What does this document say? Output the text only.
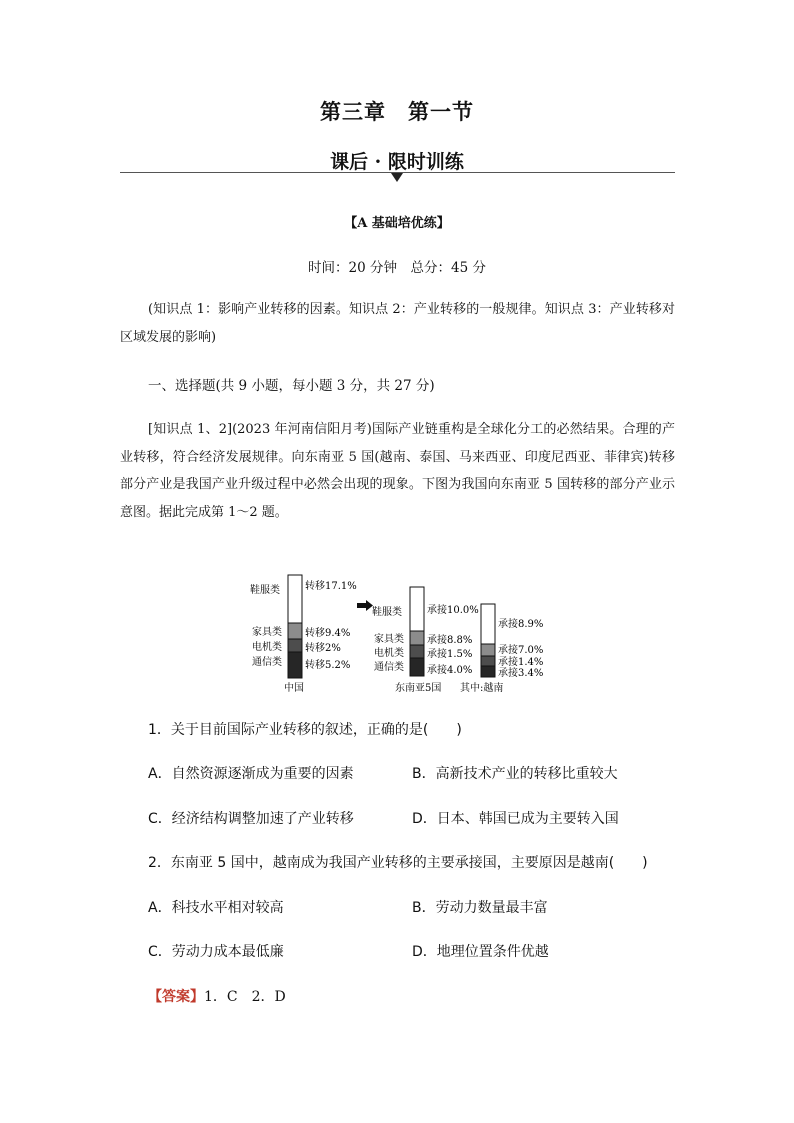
第三章　第一节
课后 · 限时训练
【A 基础培优练】
时间：20 分钟　总分：45 分
(知识点 1：影响产业转移的因素。知识点 2：产业转移的一般规律。知识点 3：产业转移对区域发展的影响)
一、选择题(共 9 小题，每小题 3 分，共 27 分)
[知识点 1、2](2023 年河南信阳月考)国际产业链重构是全球化分工的必然结果。合理的产业转移，符合经济发展规律。向东南亚 5 国(越南、泰国、马来西亚、印度尼西亚、菲律宾)转移部分产业是我国产业升级过程中必然会出现的现象。下图为我国向东南亚 5 国转移的部分产业示意图。据此完成第 1～2 题。
鞋服类
家具类
电机类
通信类
转移17.1%
转移9.4%
转移2%
转移5.2%
中国
鞋服类
家具类
电机类
通信类
承接10.0%
承接8.8%
承接1.5%
承接4.0%
东南亚5国
承接8.9%
承接7.0%
承接1.4%
承接3.4%
其中:越南
1．关于目前国际产业转移的叙述，正确的是(　　)
A．自然资源逐渐成为重要的因素	B．高新技术产业的转移比重较大
C．经济结构调整加速了产业转移	D．日本、韩国已成为主要转入国
2．东南亚 5 国中，越南成为我国产业转移的主要承接国，主要原因是越南(　　)
A．科技水平相对较高	B．劳动力数量最丰富
C．劳动力成本最低廉	D．地理位置条件优越
【答案】1．C　2．D
